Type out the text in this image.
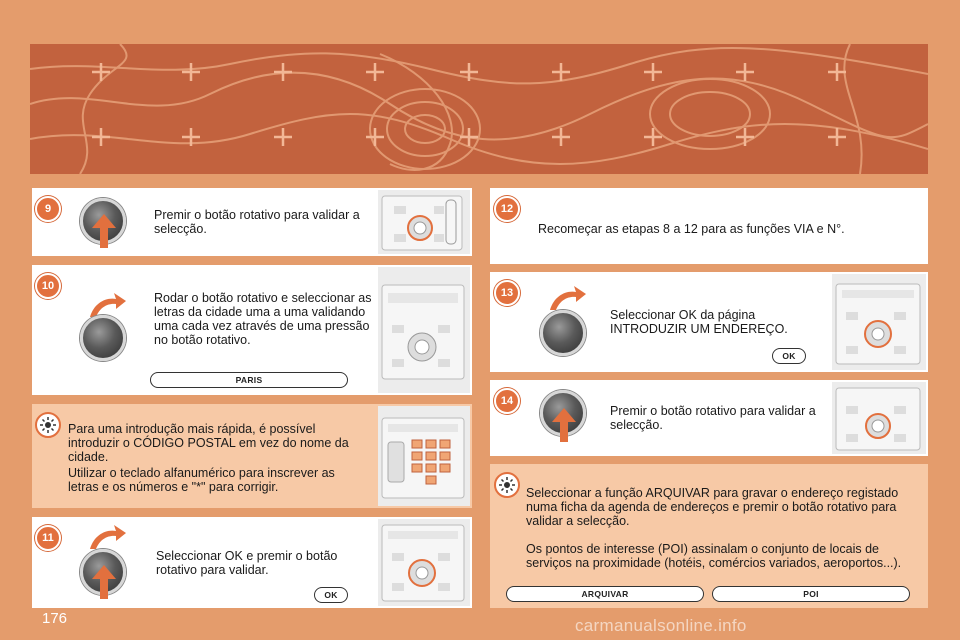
9	Premir o botão rotativo para validar a selecção.
10
Rodar o botão rotativo e seleccionar as letras da cidade uma a uma validando uma cada vez através de uma pressão no botão rotativo.
PARIS
Para uma introdução mais rápida, é possível introduzir o CÓDIGO POSTAL em vez do nome da cidade.
Utilizar o teclado alfanumérico para inscrever as letras e os números e "*" para corrigir.
11
Seleccionar OK e premir o botão rotativo para validar.
OK
12
Recomeçar as etapas 8 a 12 para as funções VIA e N°.
13
Seleccionar OK da página INTRODUZIR UM ENDEREÇO.
OK
14
Premir o botão rotativo para validar a selecção.
Seleccionar a função ARQUIVAR para gravar o endereço registado numa ficha da agenda de endereços e premir o botão rotativo para validar a selecção.
Os pontos de interesse (POI) assinalam o conjunto de locais de serviços na proximidade (hotéis, comércios variados, aeroportos...).
ARQUIVAR	POI
176	carmanualsonline.info
